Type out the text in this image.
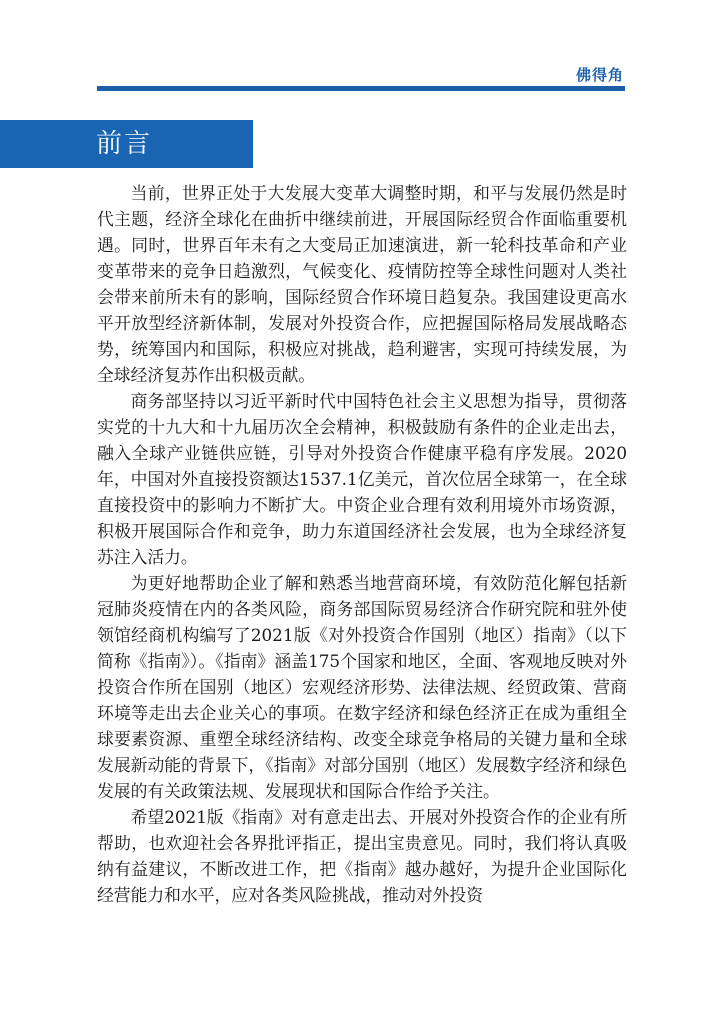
佛得角
前言

当前，世界正处于大发展大变革大调整时期，和平与发展仍然是时代主题，经济全球化在曲折中继续前进，开展国际经贸合作面临重要机遇。同时，世界百年未有之大变局正加速演进，新一轮科技革命和产业变革带来的竞争日趋激烈，气候变化、疫情防控等全球性问题对人类社会带来前所未有的影响，国际经贸合作环境日趋复杂。我国建设更高水平开放型经济新体制，发展对外投资合作，应把握国际格局发展战略态势，统筹国内和国际，积极应对挑战，趋利避害，实现可持续发展，为全球经济复苏作出积极贡献。

商务部坚持以习近平新时代中国特色社会主义思想为指导，贯彻落实党的十九大和十九届历次全会精神，积极鼓励有条件的企业走出去，融入全球产业链供应链，引导对外投资合作健康平稳有序发展。2020年，中国对外直接投资额达1537.1亿美元，首次位居全球第一，在全球直接投资中的影响力不断扩大。中资企业合理有效利用境外市场资源，积极开展国际合作和竞争，助力东道国经济社会发展，也为全球经济复苏注入活力。

为更好地帮助企业了解和熟悉当地营商环境，有效防范化解包括新冠肺炎疫情在内的各类风险，商务部国际贸易经济合作研究院和驻外使领馆经商机构编写了2021版《对外投资合作国别（地区）指南》（以下简称《指南》）。《指南》涵盖175个国家和地区，全面、客观地反映对外投资合作所在国别（地区）宏观经济形势、法律法规、经贸政策、营商环境等走出去企业关心的事项。在数字经济和绿色经济正在成为重组全球要素资源、重塑全球经济结构、改变全球竞争格局的关键力量和全球发展新动能的背景下，《指南》对部分国别（地区）发展数字经济和绿色发展的有关政策法规、发展现状和国际合作给予关注。

希望2021版《指南》对有意走出去、开展对外投资合作的企业有所帮助，也欢迎社会各界批评指正，提出宝贵意见。同时，我们将认真吸纳有益建议，不断改进工作，把《指南》越办越好，为提升企业国际化经营能力和水平，应对各类风险挑战，推动对外投资
